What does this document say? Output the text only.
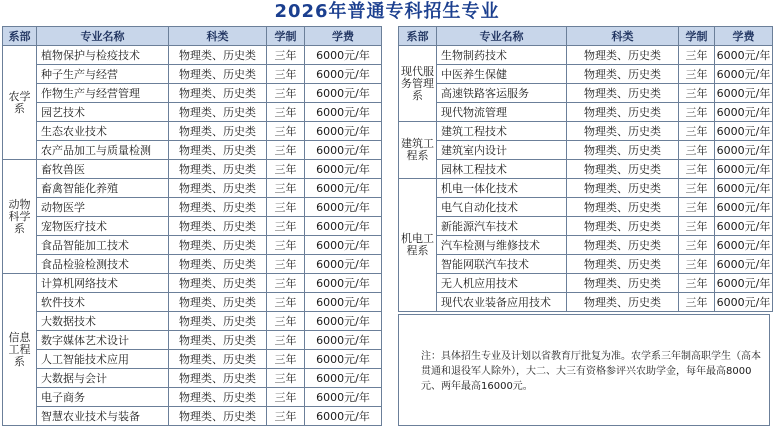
2026年普通专科招生专业
系部	专业名称	科类	学制	学费
农学系	植物保护与检疫技术	物理类、历史类	三年	6000元/年
	种子生产与经营	物理类、历史类	三年	6000元/年
	作物生产与经营管理	物理类、历史类	三年	6000元/年
	园艺技术	物理类、历史类	三年	6000元/年
	生态农业技术	物理类、历史类	三年	6000元/年
	农产品加工与质量检测	物理类、历史类	三年	6000元/年
动物科学系	畜牧兽医	物理类、历史类	三年	6000元/年
	畜禽智能化养殖	物理类、历史类	三年	6000元/年
	动物医学	物理类、历史类	三年	6000元/年
	宠物医疗技术	物理类、历史类	三年	6000元/年
	食品智能加工技术	物理类、历史类	三年	6000元/年
	食品检验检测技术	物理类、历史类	三年	6000元/年
信息工程系	计算机网络技术	物理类、历史类	三年	6000元/年
	软件技术	物理类、历史类	三年	6000元/年
	大数据技术	物理类、历史类	三年	6000元/年
	数字媒体艺术设计	物理类、历史类	三年	6000元/年
	人工智能技术应用	物理类、历史类	三年	6000元/年
	大数据与会计	物理类、历史类	三年	6000元/年
	电子商务	物理类、历史类	三年	6000元/年
	智慧农业技术与装备	物理类、历史类	三年	6000元/年
系部	专业名称	科类	学制	学费
现代服务管理系	生物制药技术	物理类、历史类	三年	6000元/年
	中医养生保健	物理类、历史类	三年	6000元/年
	高速铁路客运服务	物理类、历史类	三年	6000元/年
	现代物流管理	物理类、历史类	三年	6000元/年
建筑工程系	建筑工程技术	物理类、历史类	三年	6000元/年
	建筑室内设计	物理类、历史类	三年	6000元/年
	园林工程技术	物理类、历史类	三年	6000元/年
机电工程系	机电一体化技术	物理类、历史类	三年	6000元/年
	电气自动化技术	物理类、历史类	三年	6000元/年
	新能源汽车技术	物理类、历史类	三年	6000元/年
	汽车检测与维修技术	物理类、历史类	三年	6000元/年
	智能网联汽车技术	物理类、历史类	三年	6000元/年
	无人机应用技术	物理类、历史类	三年	6000元/年
	现代农业装备应用技术	物理类、历史类	三年	6000元/年
注：具体招生专业及计划以省教育厅批复为准。农学系三年制高职学生（高本贯通和退役军人除外），大二、大三有资格参评兴农助学金，每年最高8000元、两年最高16000元。
